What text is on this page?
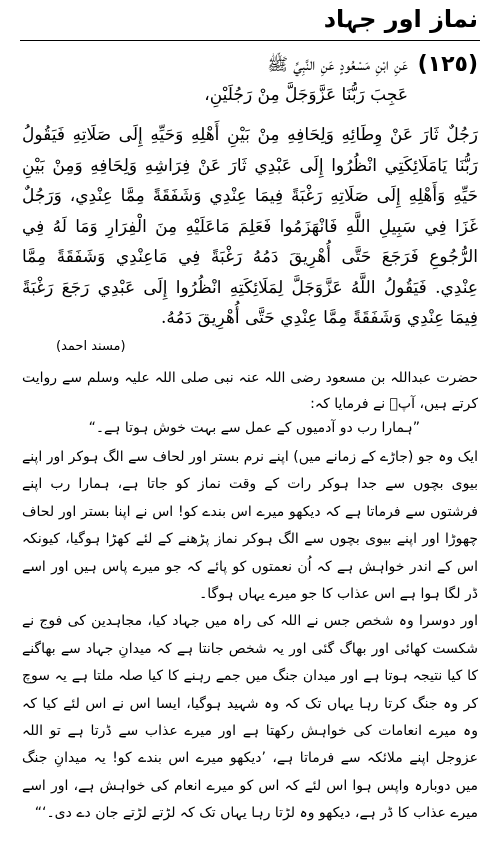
نماز اور جہاد
(١٢٥)
عَنِ ابْنِ مَسْعُودٍ عَنِ النَّبِيِّ ﷺ
عَجِبَ رَبُّنَا عَزَّوَجَلَّ مِنْ رَجُلَيْنِ،

رَجُلٌ ثَارَ عَنْ وِطَائِهِ وَلِحَافِهِ مِنْ بَيْنِ أَهْلِهِ وَحَيِّهِ إِلَى صَلَاتِهِ فَيَقُولُ رَبُّنَا يَامَلَائِكَتِي انْظُرُوا إِلَى عَبْدِي ثَارَ عَنْ فِرَاشِهِ وَلِحَافِهِ وَمِنْ بَيْنِ حَيِّهِ وَأَهْلِهِ إِلَى صَلَاتِهِ رَغْبَةً فِيمَا عِنْدِي وَشَفَقَةً مِمَّا عِنْدِي، وَرَجُلٌ غَزَا فِي سَبِيلِ اللَّهِ فَانْهَزَمُوا فَعَلِمَ مَاعَلَيْهِ مِنَ الْفِرَارِ وَمَا لَهُ فِي الرُّجُوعِ فَرَجَعَ حَتَّى أُهْرِيقَ دَمُهُ رَغْبَةً فِي مَاعِنْدِي وَشَفَقَةً مِمَّا عِنْدِي. فَيَقُولُ اللَّهُ عَزَّوَجَلَّ لِمَلَائِكَتِهِ انْظُرُوا إِلَى عَبْدِي رَجَعَ رَغْبَةً فِيمَا عِنْدِي وَشَفَقَةً مِمَّا عِنْدِي حَتَّى أُهْرِيقَ دَمُهُ.

(مسند احمد)

حضرت عبداللہ بن مسعود رضی اللہ عنہ نبی صلی اللہ علیہ وسلم سے روایت کرتے ہیں، آپؐ نے فرمایا کہ:

”ہمارا رب دو آدمیوں کے عمل سے بہت خوش ہوتا ہے۔“

ایک وہ جو (جاڑے کے زمانے میں) اپنے نرم بستر اور لحاف سے الگ ہوکر اور اپنے بیوی بچوں سے جدا ہوکر رات کے وقت نماز کو جاتا ہے، ہمارا رب اپنے فرشتوں سے فرماتا ہے کہ دیکھو میرے اس بندے کو! اس نے اپنا بستر اور لحاف چھوڑا اور اپنے بیوی بچوں سے الگ ہوکر نماز پڑھنے کے لئے کھڑا ہوگیا، کیونکہ اس کے اندر خواہش ہے کہ اُن نعمتوں کو پائے کہ جو میرے پاس ہیں اور اسے ڈر لگا ہوا ہے اس عذاب کا جو میرے یہاں ہوگا۔

اور دوسرا وہ شخص جس نے اللہ کی راہ میں جہاد کیا، مجاہدین کی فوج نے شکست کھائی اور بھاگ گئی اور یہ شخص جانتا ہے کہ میدانِ جہاد سے بھاگنے کا کیا نتیجہ ہوتا ہے اور میدان جنگ میں جمے رہنے کا کیا صلہ ملتا ہے یہ سوچ کر وہ جنگ کرتا رہا یہاں تک کہ وہ شہید ہوگیا، ایسا اس نے اس لئے کیا کہ وہ میرے انعامات کی خواہش رکھتا ہے اور میرے عذاب سے ڈرتا ہے تو اللہ عزوجل اپنے ملائکہ سے فرماتا ہے، ’دیکھو میرے اس بندے کو! یہ میدانِ جنگ میں دوبارہ واپس ہوا اس لئے کہ اس کو میرے انعام کی خواہش ہے، اور اسے میرے عذاب کا ڈر ہے، دیکھو وہ لڑتا رہا یہاں تک کہ لڑتے لڑتے جان دے دی۔‘“
